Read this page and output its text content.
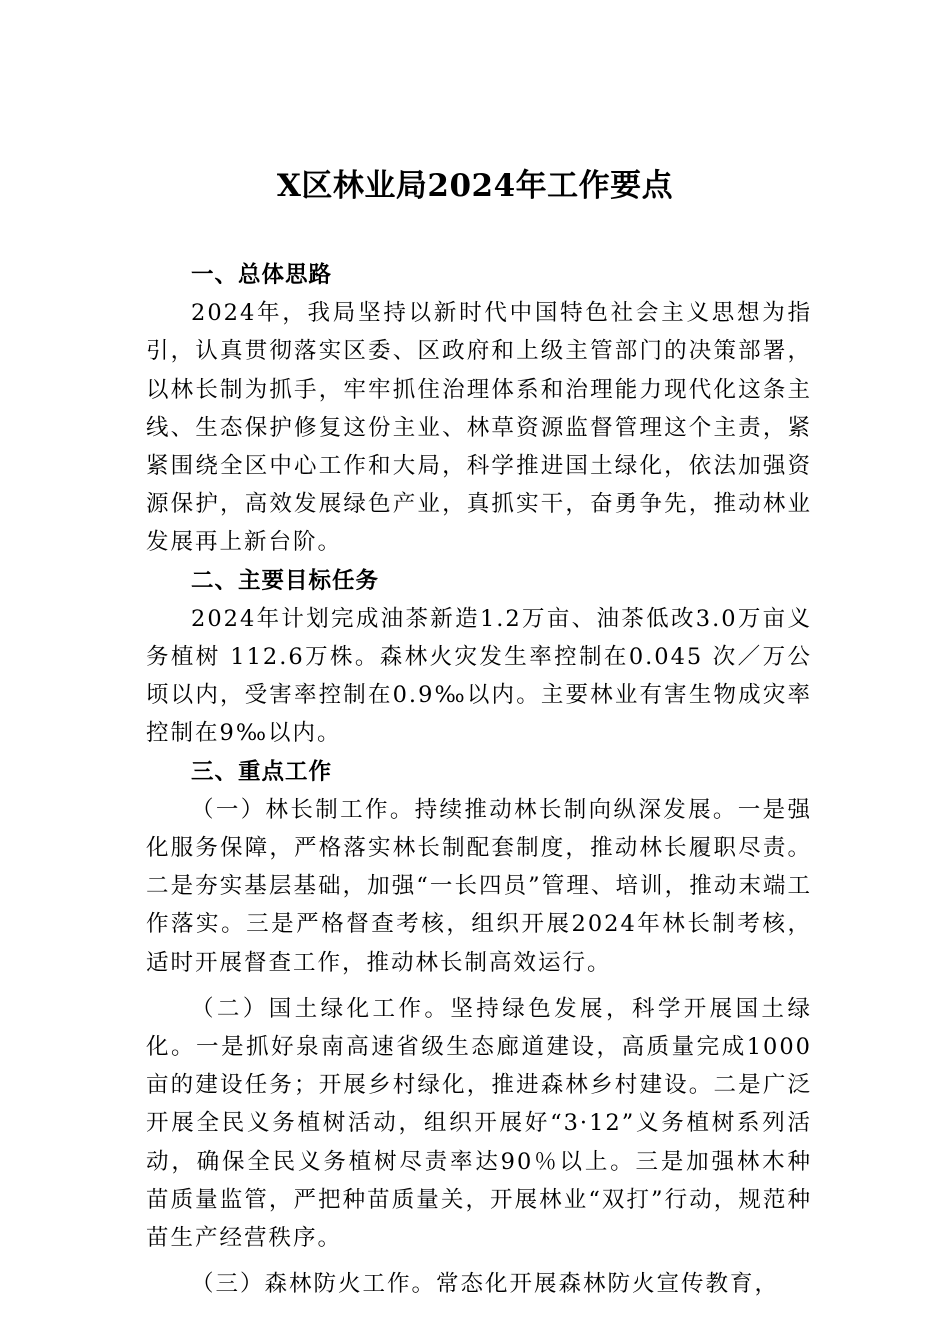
X区林业局2024年工作要点
一、总体思路

2024年，我局坚持以新时代中国特色社会主义思想为指引，认真贯彻落实区委、区政府和上级主管部门的决策部署，以林长制为抓手，牢牢抓住治理体系和治理能力现代化这条主线、生态保护修复这份主业、林草资源监督管理这个主责，紧紧围绕全区中心工作和大局，科学推进国土绿化，依法加强资源保护，高效发展绿色产业，真抓实干，奋勇争先，推动林业发展再上新台阶。

二、主要目标任务

2024年计划完成油茶新造1.2万亩、油茶低改3.0万亩义务植树 112.6万株。森林火灾发生率控制在0.045 次／万公顷以内，受害率控制在0.9‰以内。主要林业有害生物成灾率控制在9‰以内。

三、重点工作

（一）林长制工作。持续推动林长制向纵深发展。一是强化服务保障，严格落实林长制配套制度，推动林长履职尽责。二是夯实基层基础，加强“一长四员”管理、培训，推动末端工作落实。三是严格督查考核，组织开展2024年林长制考核，适时开展督查工作，推动林长制高效运行。

（二）国土绿化工作。坚持绿色发展，科学开展国土绿化。一是抓好泉南高速省级生态廊道建设，高质量完成1000亩的建设任务；开展乡村绿化，推进森林乡村建设。二是广泛开展全民义务植树活动，组织开展好“3·12”义务植树系列活动，确保全民义务植树尽责率达90％以上。三是加强林木种苗质量监管，严把种苗质量关，开展林业“双打”行动，规范种苗生产经营秩序。

（三）森林防火工作。常态化开展森林防火宣传教育，
